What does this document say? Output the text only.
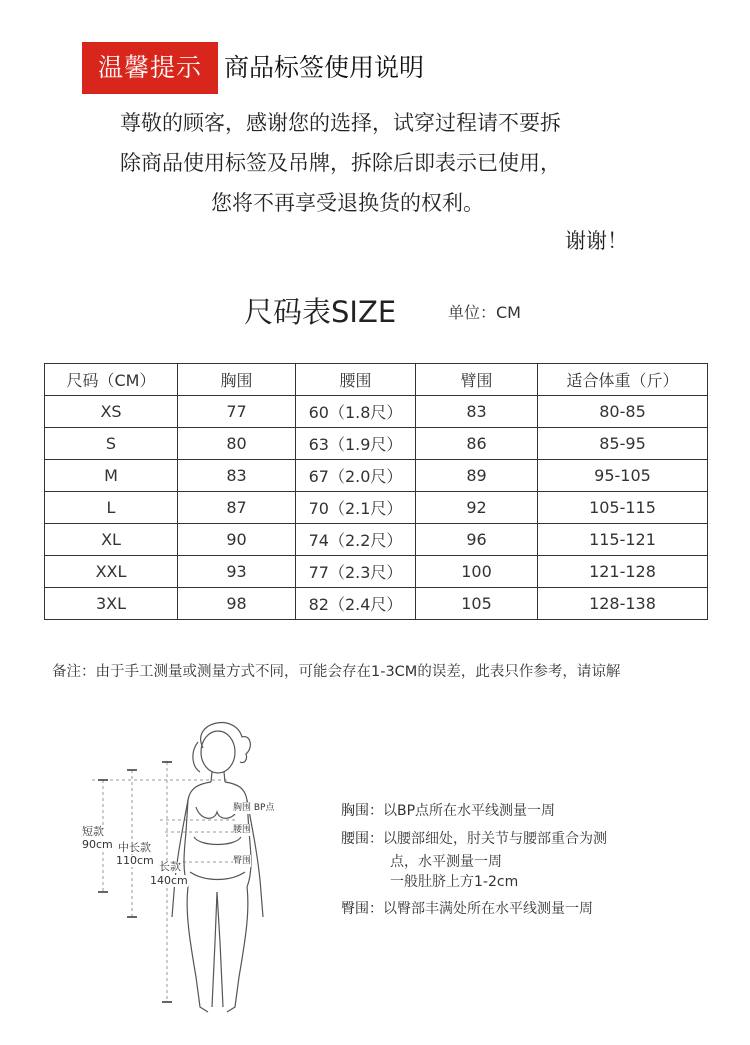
温馨提示 商品标签使用说明
尊敬的顾客，感谢您的选择，试穿过程请不要拆
除商品使用标签及吊牌，拆除后即表示已使用，
您将不再享受退换货的权利。
谢谢！
尺码表SIZE	单位：CM
尺码（CM）	胸围	腰围	臂围	适合体重（斤）
XS	77	60（1.8尺）	83	80-85
S	80	63（1.9尺）	86	85-95
M	83	67（2.0尺）	89	95-105
L	87	70（2.1尺）	92	105-115
XL	90	74（2.2尺）	96	115-121
XXL	93	77（2.3尺）	100	121-128
3XL	98	82（2.4尺）	105	128-138
备注：由于手工测量或测量方式不同，可能会存在1-3CM的误差，此表只作参考，请谅解
短款
90cm 中长款
110cm 长款
140cm
胸围 BP点
腰围
臀围
胸围：以BP点所在水平线测量一周
腰围：以腰部细处，肘关节与腰部重合为测
点，水平测量一周
一般肚脐上方1-2cm
臀围：以臀部丰满处所在水平线测量一周
